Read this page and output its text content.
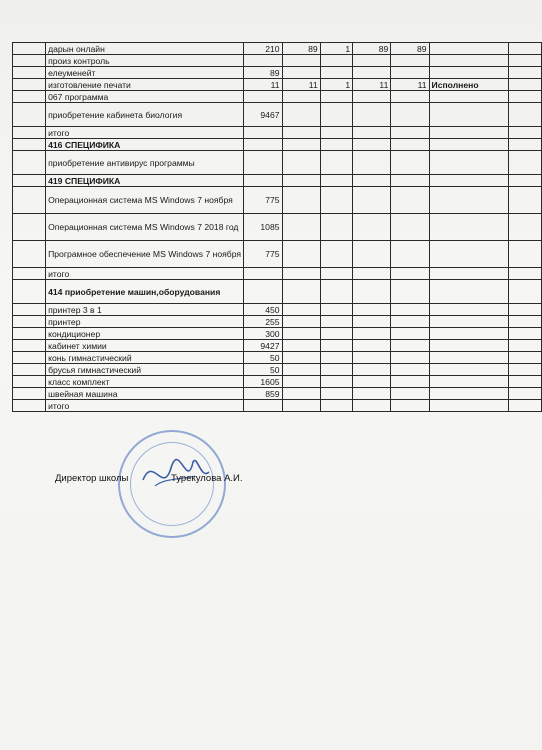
	дарын онлайн	210	89	1	89	89		
	произ контроль							
	елеуменейт	89						
	изготовление печати	11	11	1	11	11	Исполнено	
	067 программа							
	приобретение кабинета биология	9467						
	итого							
	416 СПЕЦИФИКА							
	приобретение антивирус программы							
	419 СПЕЦИФИКА							
	Операционная система MS Windows 7 ноября	775						
	Операционная система MS Windows 7 2018 год	1085						
	Програмное обеспечение MS Windows 7 ноября	775						
	итого							
	414 приобретение машин,оборудования							
	принтер 3 в 1	450						
	принтер	255						
	кондиционер	300						
	кабинет химии	9427						
	конь гимнастический	50						
	брусья гимнастический	50						
	класс комплект	1605						
	швейная машина	859						
	итого							
Директор школы	Турекулова А.И.
